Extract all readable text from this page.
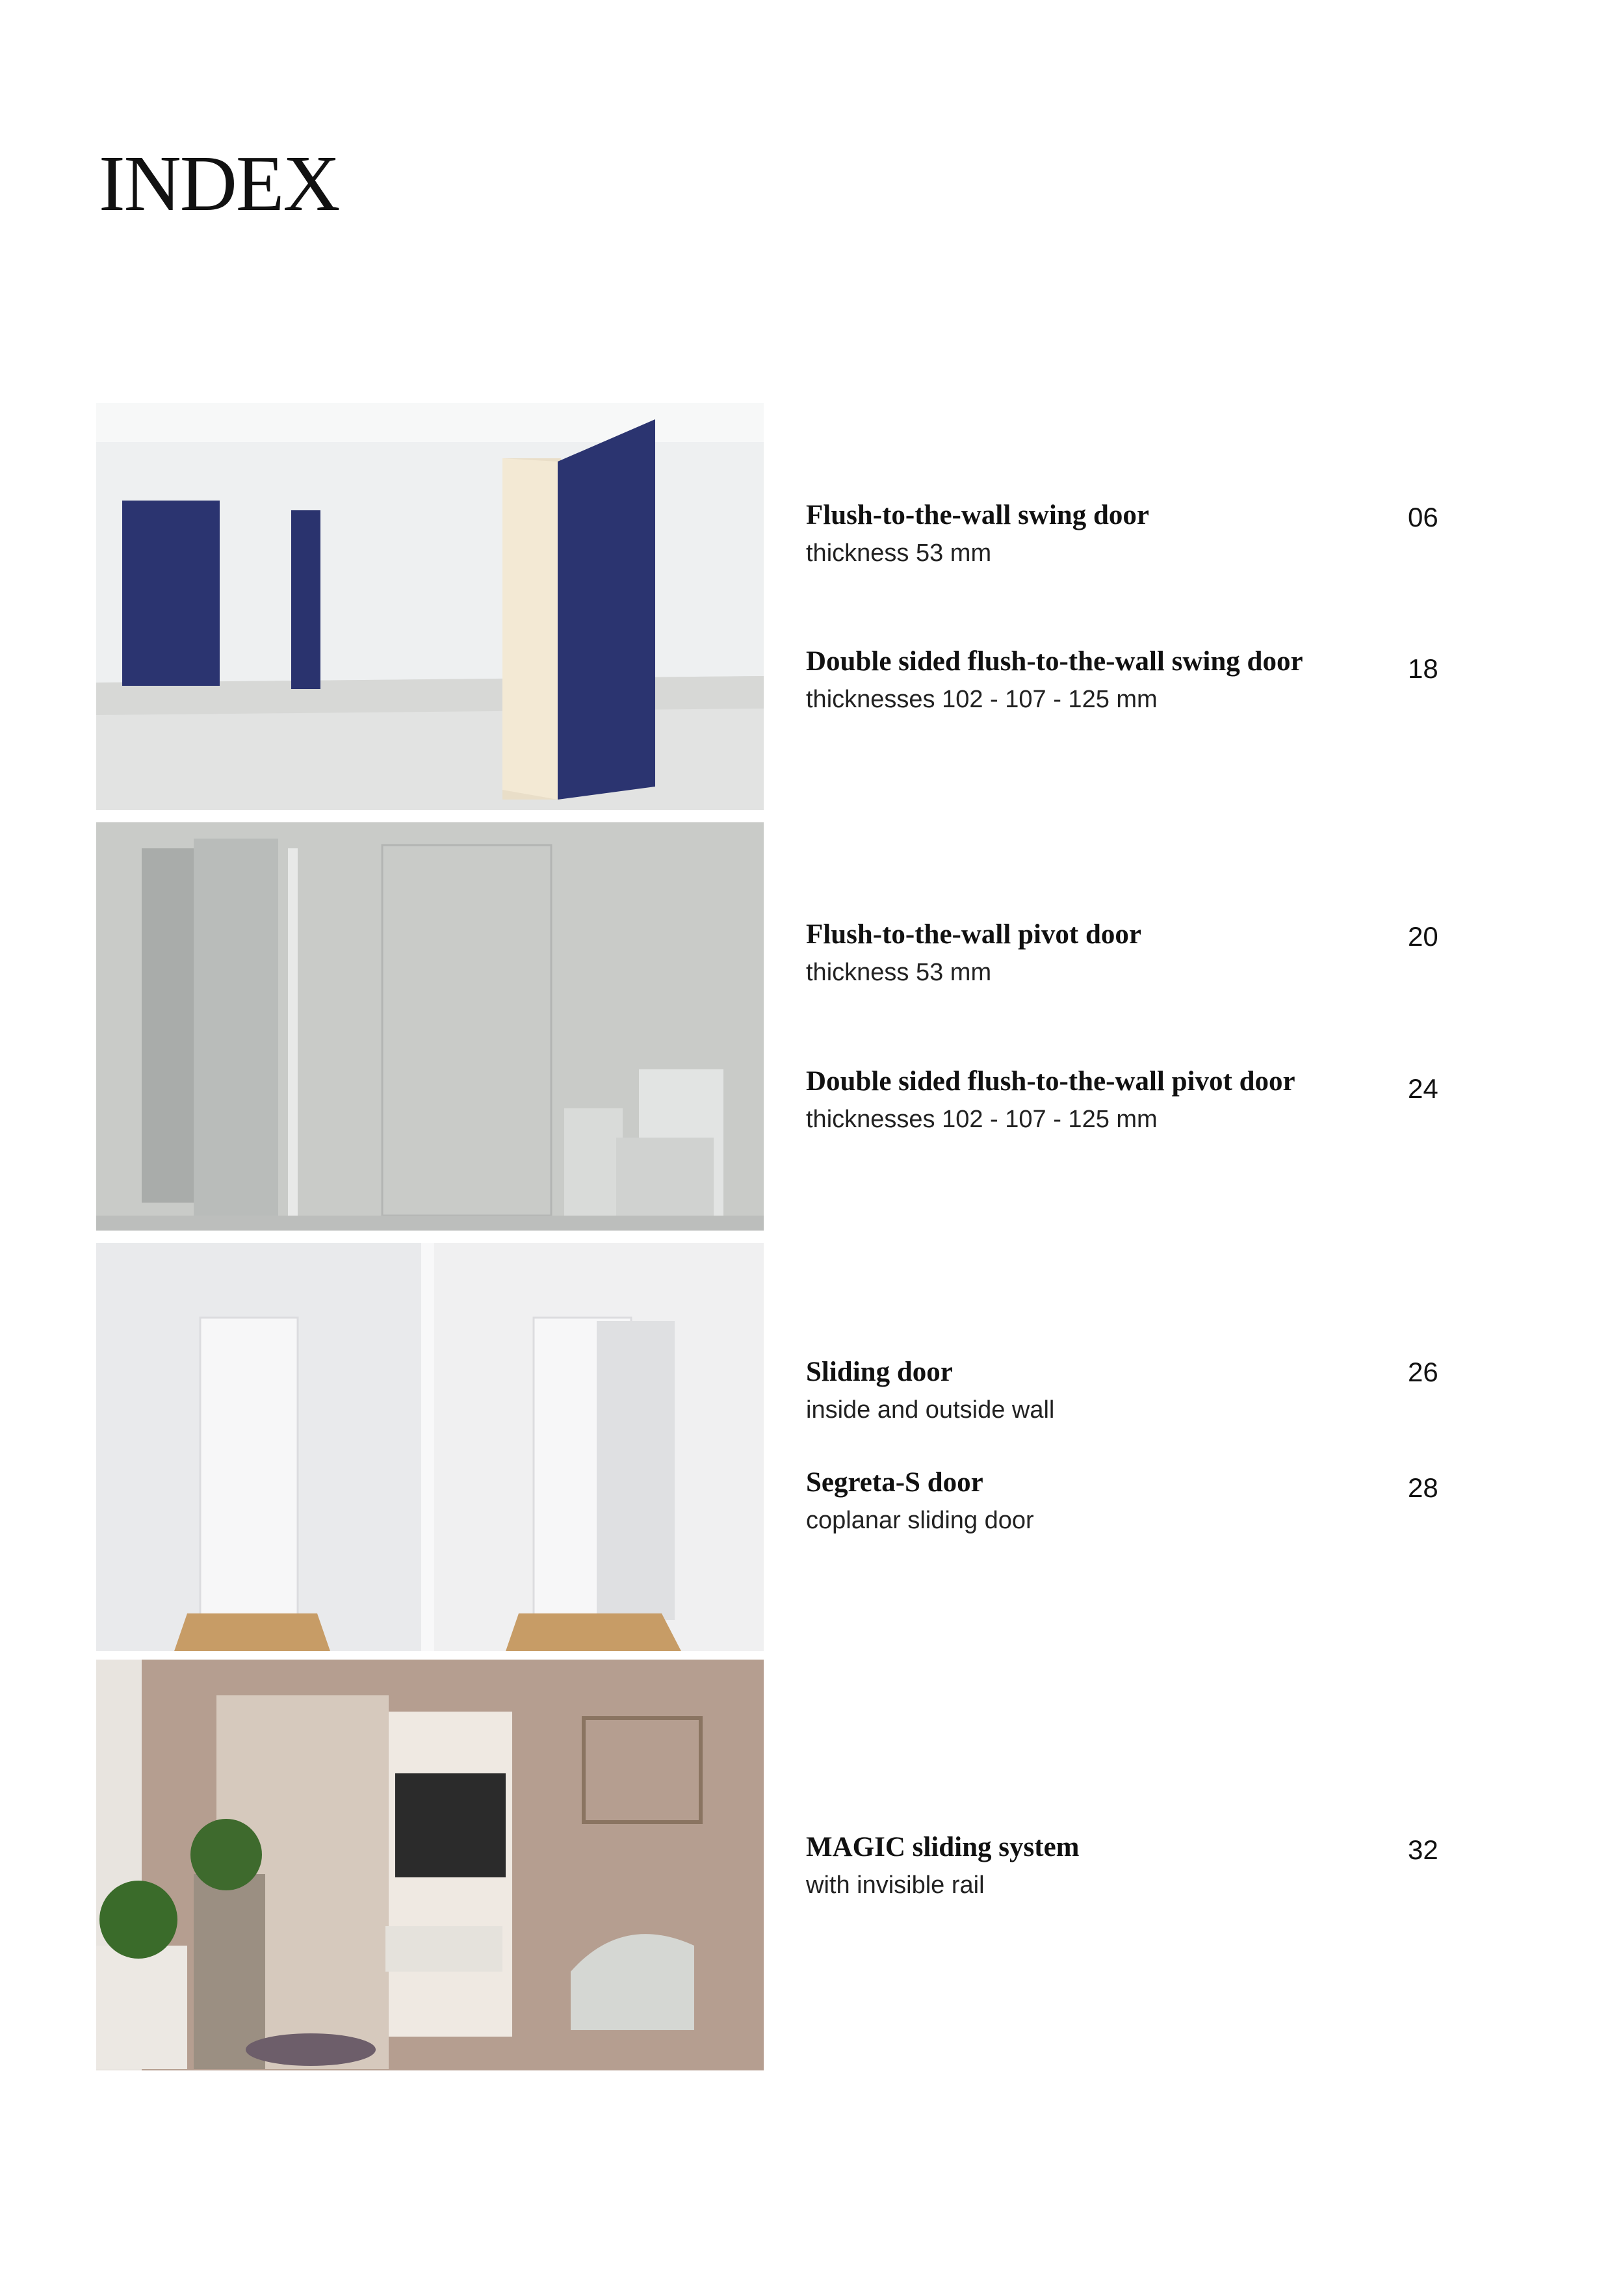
INDEX
Flush-to-the-wall swing door
thickness 53 mm
06
Double sided flush-to-the-wall swing door
thicknesses 102 - 107 - 125 mm
18
Flush-to-the-wall pivot door
thickness 53 mm
20
Double sided flush-to-the-wall pivot door
thicknesses 102 - 107 - 125 mm
24
Sliding door
inside and outside wall
26
Segreta-S door
coplanar sliding door
28
MAGIC sliding system
with invisible rail
32
